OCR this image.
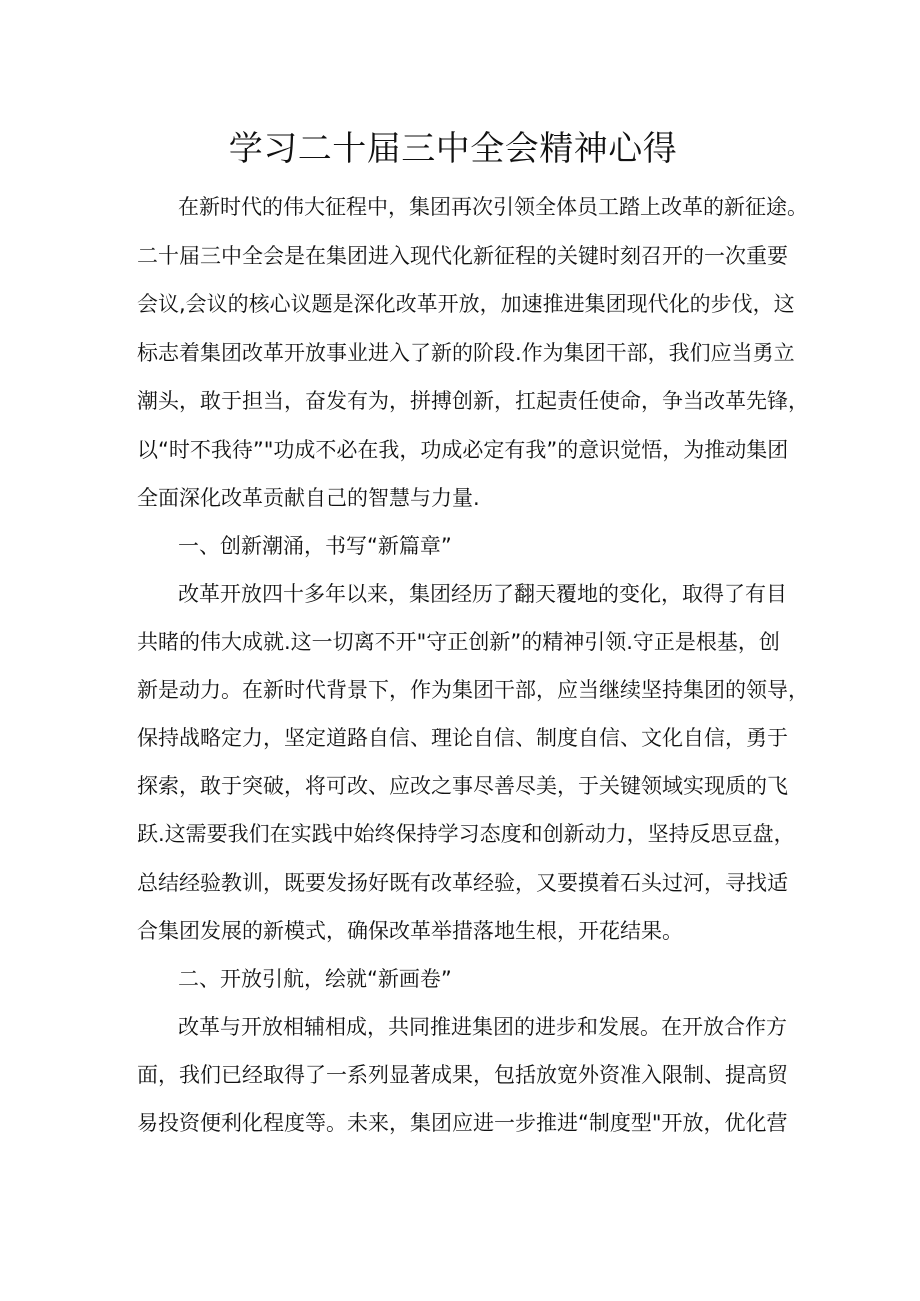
学习二十届三中全会精神心得

在新时代的伟大征程中，集团再次引领全体员工踏上改革的新征途。

二十届三中全会是在集团进入现代化新征程的关键时刻召开的一次重要

会议,会议的核心议题是深化改革开放，加速推进集团现代化的步伐，这

标志着集团改革开放事业进入了新的阶段.作为集团干部，我们应当勇立

潮头，敢于担当，奋发有为，拼搏创新，扛起责任使命，争当改革先锋，

以“时不我待”"功成不必在我，功成必定有我”的意识觉悟，为推动集团

全面深化改革贡献自己的智慧与力量.

一、创新潮涌，书写“新篇章”

改革开放四十多年以来，集团经历了翻天覆地的变化，取得了有目

共睹的伟大成就.这一切离不开"守正创新”的精神引领.守正是根基，创

新是动力。在新时代背景下，作为集团干部，应当继续坚持集团的领导，

保持战略定力，坚定道路自信、理论自信、制度自信、文化自信，勇于

探索，敢于突破，将可改、应改之事尽善尽美，于关键领域实现质的飞

跃.这需要我们在实践中始终保持学习态度和创新动力，坚持反思豆盘，

总结经验教训，既要发扬好既有改革经验，又要摸着石头过河，寻找适

合集团发展的新模式，确保改革举措落地生根，开花结果。

二、开放引航，绘就“新画卷”

改革与开放相辅相成，共同推进集团的进步和发展。在开放合作方

面，我们已经取得了一系列显著成果，包括放宽外资准入限制、提高贸

易投资便利化程度等。未来，集团应进一步推进“制度型"开放，优化营
